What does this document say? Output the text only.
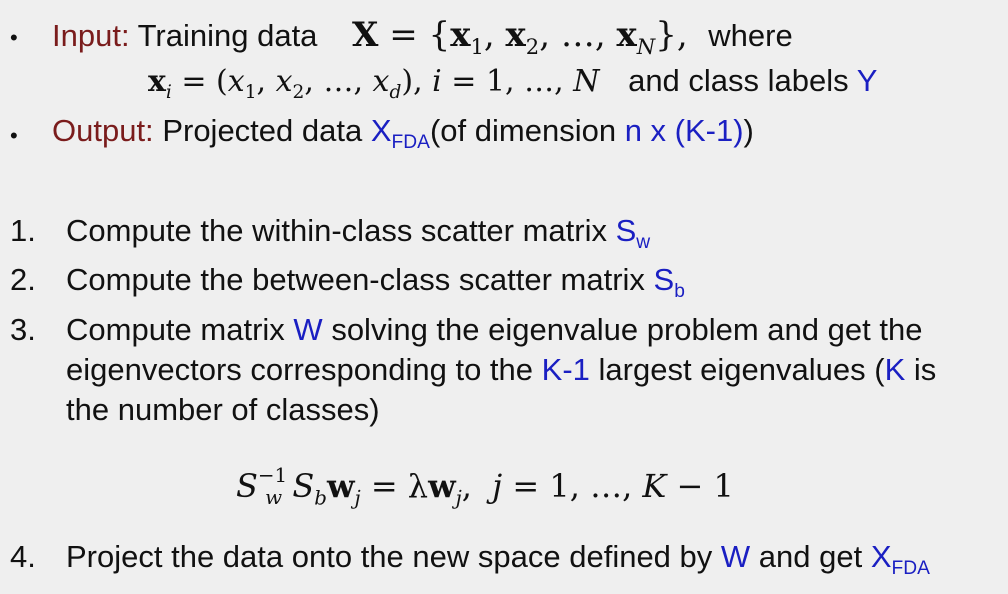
• Input: Training data $X = \{x_1$, $x_2$, …, $x_N$}, where
$x_i = (x_1$, $x_2$, …, $x_d$), i = 1, …, N and class labels Y
• Output: Projected data $X_{FDA}(of$ dimension n x (K-1))
1. Compute the within-class scatter matrix $S_w$
2. Compute the between-class scatter matrix $S_b$
3. Compute matrix W solving the eigenvalue problem and get the
eigenvectors corresponding to the K-1 largest eigenvalues (K is
the number of classes)
$S^{-1}_w$ $S_bw_j = \lambda w_j$,  j = 1, …, K − 1
4. Project the data onto the new space defined by W and get $X_{FDA}$
